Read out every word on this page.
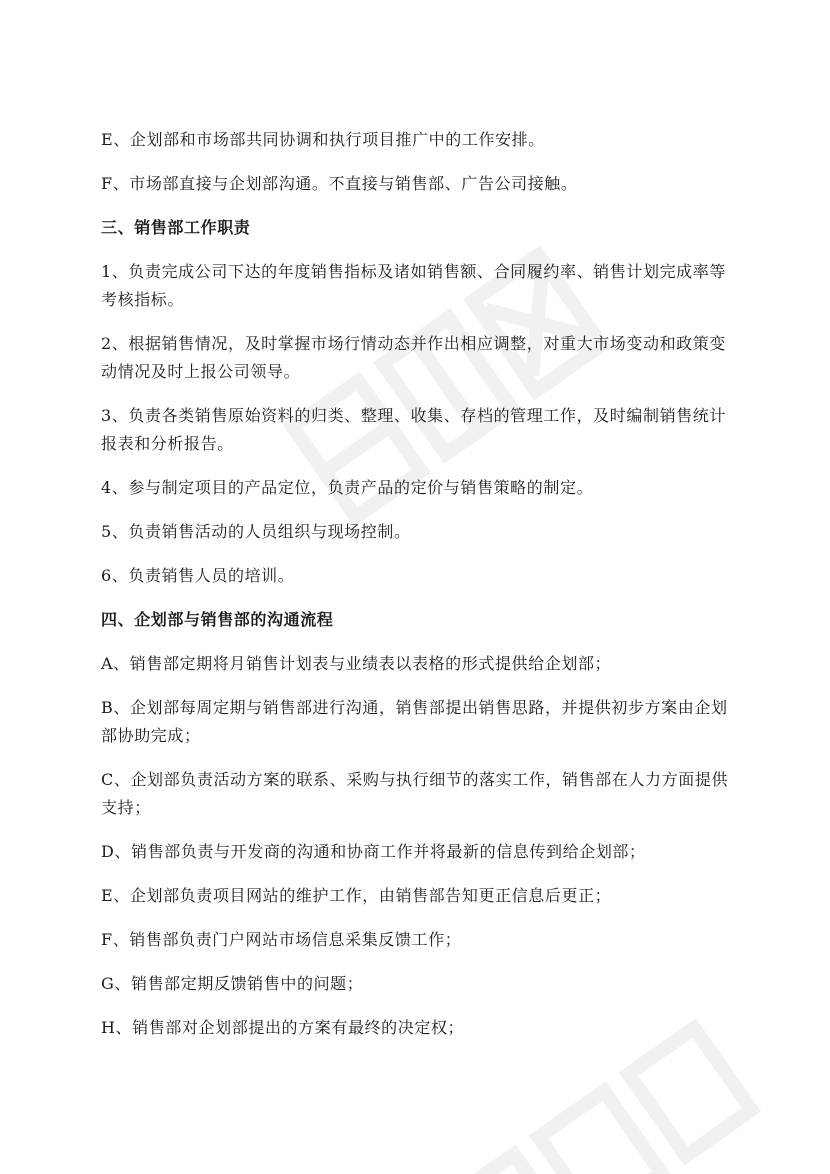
E、企划部和市场部共同协调和执行项目推广中的工作安排。

F、市场部直接与企划部沟通。不直接与销售部、广告公司接触。

三、销售部工作职责

1、负责完成公司下达的年度销售指标及诸如销售额、合同履约率、销售计划完成率等考核指标。

2、根据销售情况，及时掌握市场行情动态并作出相应调整，对重大市场变动和政策变动情况及时上报公司领导。

3、负责各类销售原始资料的归类、整理、收集、存档的管理工作，及时编制销售统计报表和分析报告。

4、参与制定项目的产品定位，负责产品的定价与销售策略的制定。

5、负责销售活动的人员组织与现场控制。

6、负责销售人员的培训。

四、企划部与销售部的沟通流程

A、销售部定期将月销售计划表与业绩表以表格的形式提供给企划部；

B、企划部每周定期与销售部进行沟通，销售部提出销售思路，并提供初步方案由企划部协助完成；

C、企划部负责活动方案的联系、采购与执行细节的落实工作，销售部在人力方面提供支持；

D、销售部负责与开发商的沟通和协商工作并将最新的信息传到给企划部；

E、企划部负责项目网站的维护工作，由销售部告知更正信息后更正；

F、销售部负责门户网站市场信息采集反馈工作；

G、销售部定期反馈销售中的问题；

H、销售部对企划部提出的方案有最终的决定权；
